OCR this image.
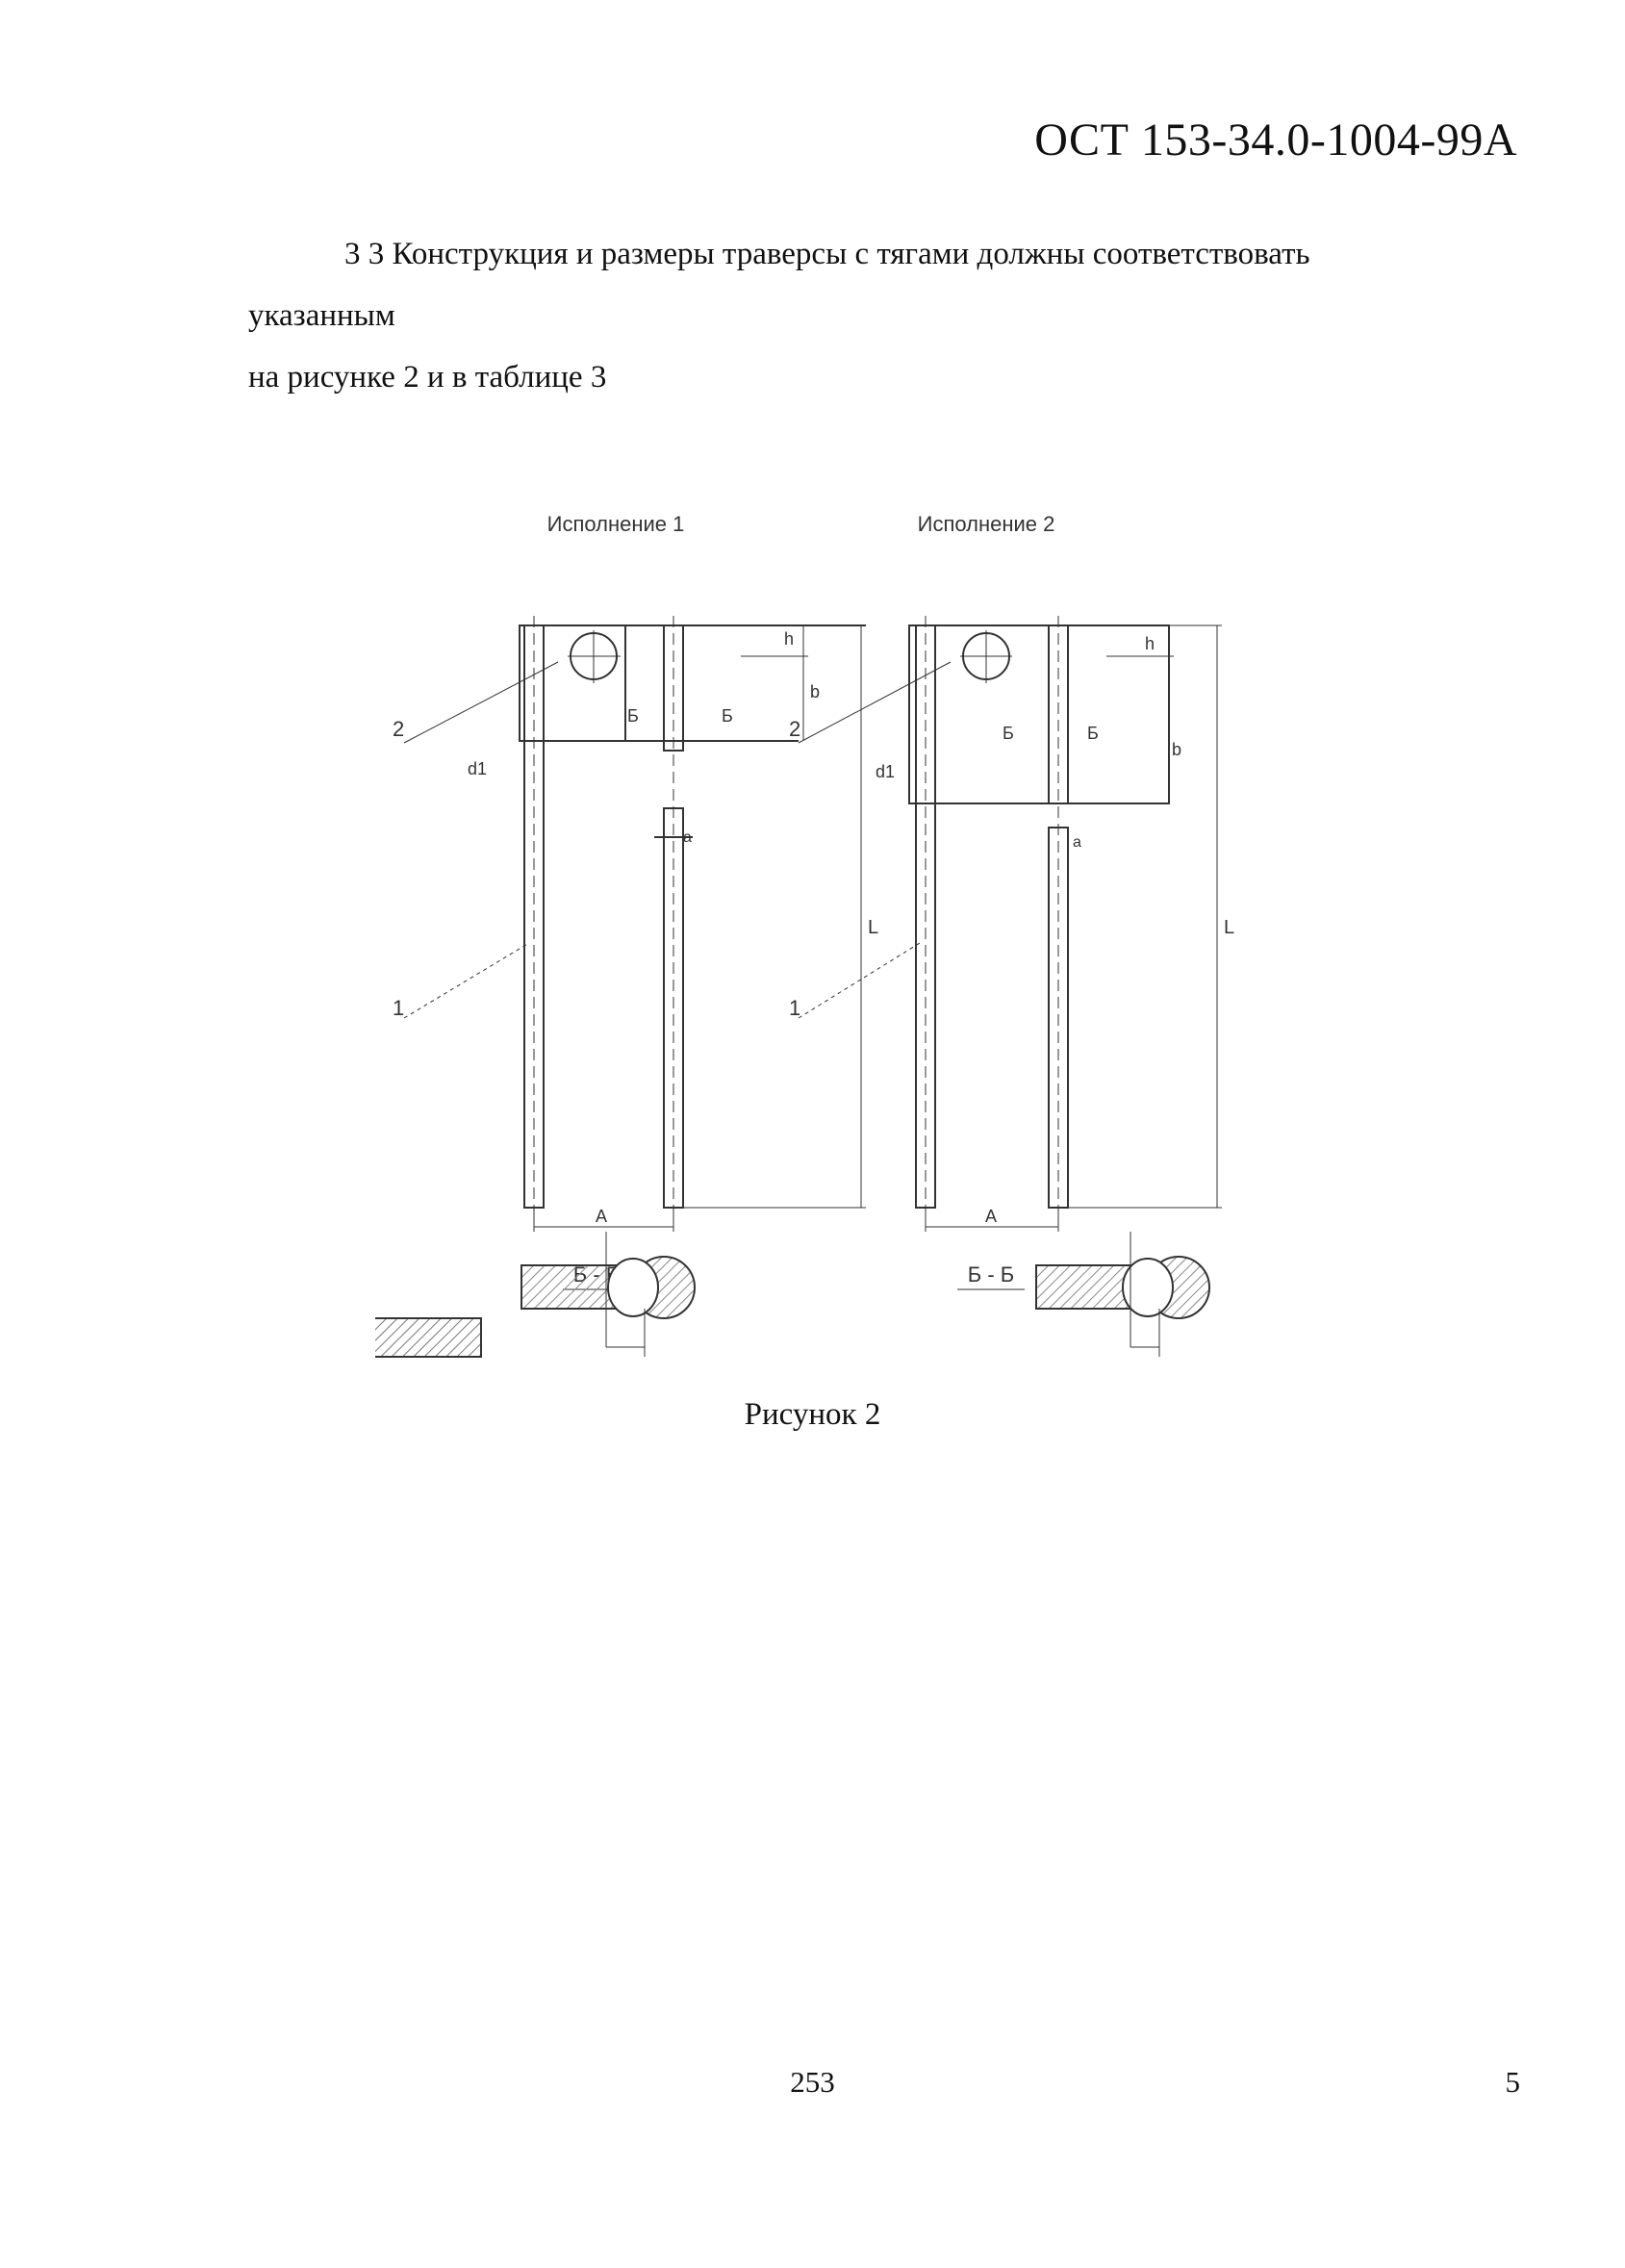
ОСТ 153-34.0-1004-99А
3 3 Конструкция и размеры траверсы с тягами должны соответствовать указанным
на рисунке 2 и в таблице 3
Исполнение 1
L
h
b
A
a
d1
Б	Б
2
1
Исполнение 2
L
h
b
A
a
d1
Б	Б
2
1
Б - Б
Рисунок 2
253	5
